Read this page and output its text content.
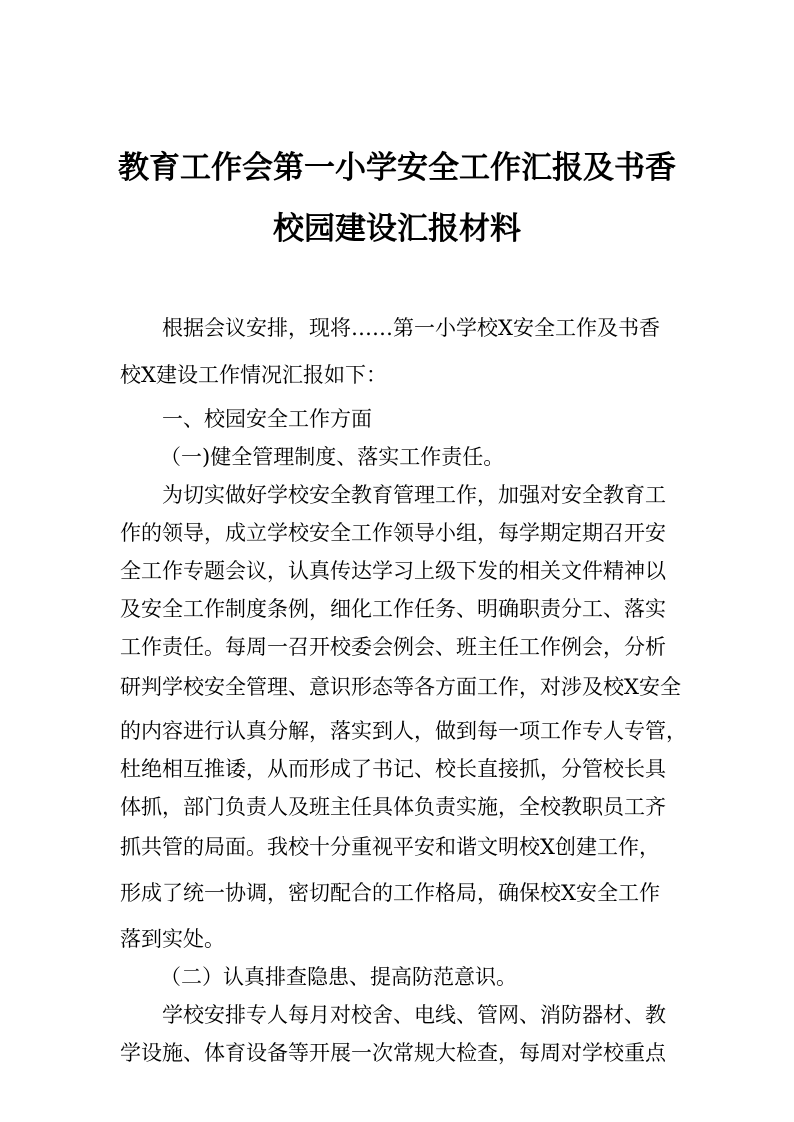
教育工作会第一小学安全工作汇报及书香
校园建设汇报材料
根据会议安排，现将……第一小学校X安全工作及书香
校X建设工作情况汇报如下：
一、校园安全工作方面
（一)健全管理制度、落实工作责任。
为切实做好学校安全教育管理工作，加强对安全教育工
作的领导，成立学校安全工作领导小组，每学期定期召开安
全工作专题会议，认真传达学习上级下发的相关文件精神以
及安全工作制度条例，细化工作任务、明确职责分工、落实
工作责任。每周一召开校委会例会、班主任工作例会，分析
研判学校安全管理、意识形态等各方面工作，对涉及校X安全
的内容进行认真分解，落实到人，做到每一项工作专人专管，
杜绝相互推诿，从而形成了书记、校长直接抓，分管校长具
体抓，部门负责人及班主任具体负责实施，全校教职员工齐
抓共管的局面。我校十分重视平安和谐文明校X创建工作，
形成了统一协调，密切配合的工作格局，确保校X安全工作
落到实处。
（二）认真排查隐患、提高防范意识。
学校安排专人每月对校舍、电线、管网、消防器材、教
学设施、体育设备等开展一次常规大检查，每周对学校重点
